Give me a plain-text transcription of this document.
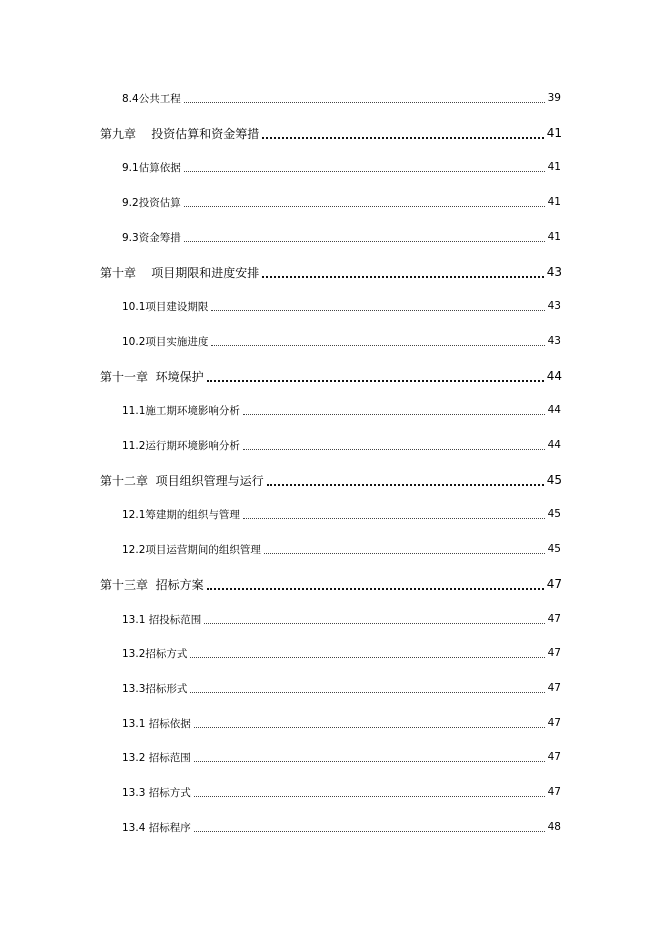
8.4公共工程	39
第九章    投资估算和资金筹措	41
9.1估算依据	41
9.2投资估算	41
9.3资金筹措	41
第十章    项目期限和进度安排	43
10.1项目建设期限	43
10.2项目实施进度	43
第十一章  环境保护	44
11.1施工期环境影响分析	44
11.2运行期环境影响分析	44
第十二章  项目组织管理与运行	45
12.1筹建期的组织与管理	45
12.2项目运营期间的组织管理	45
第十三章  招标方案	47
13.1 招投标范围	47
13.2招标方式	47
13.3招标形式	47
13.1 招标依据	47
13.2 招标范围	47
13.3 招标方式	47
13.4 招标程序	48
